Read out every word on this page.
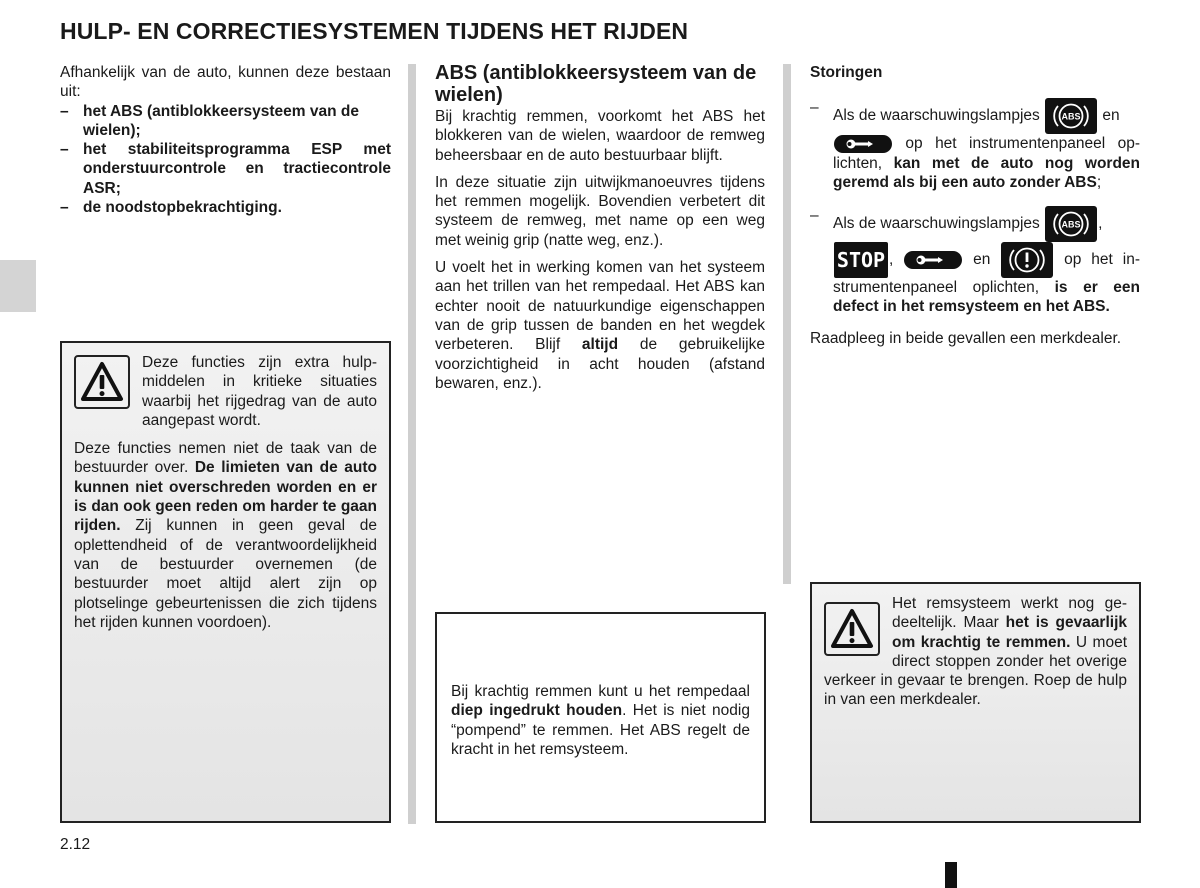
HULP- EN CORRECTIESYSTEMEN TIJDENS HET RIJDEN

Afhankelijk van de auto, kunnen deze bestaan uit:

– het ABS (antiblokkeersysteem van de wielen);
– het stabiliteitsprogramma ESP met onderstuurcontrole en tractiecontrole ASR;
– de noodstopbekrachtiging.

Deze functies zijn extra hulpmiddelen in kritieke situaties waarbij het rijgedrag van de auto aangepast wordt.

Deze functies nemen niet de taak van de bestuurder over. De limieten van de auto kunnen niet overschreden worden en er is dan ook geen reden om harder te gaan rijden. Zij kunnen in geen geval de oplettendheid of de verantwoordelijkheid van de bestuurder overnemen (de bestuurder moet altijd alert zijn op plotselinge gebeurtenissen die zich tijdens het rijden kunnen voordoen).

ABS (antiblokkeersysteem van de wielen)

Bij krachtig remmen, voorkomt het ABS het blokkeren van de wielen, waardoor de remweg beheersbaar en de auto bestuurbaar blijft.

In deze situatie zijn uitwijkmanoeuvres tijdens het remmen mogelijk. Bovendien verbetert dit systeem de remweg, met name op een weg met weinig grip (natte weg, enz.).

U voelt het in werking komen van het systeem aan het trillen van het rempedaal. Het ABS kan echter nooit de natuurkundige eigenschappen van de grip tussen de banden en het wegdek verbeteren. Blijf altijd de gebruikelijke voorzichtigheid in acht houden (afstand bewaren, enz.).

Bij krachtig remmen kunt u het rempedaal diep ingedrukt houden. Het is niet nodig “pompend” te remmen. Het ABS regelt de kracht in het remsysteem.

Storingen

– Als de waarschuwingslampjes ABS en

op het instrumentenpaneel oplichten, kan met de auto nog worden geremd als bij een auto zonder ABS;

– Als de waarschuwingslampjes ABS ,
STOP ,	en	op het instrumentenpaneel oplichten, is er een defect in het remsysteem en het ABS.

Raadpleeg in beide gevallen een merkdealer.

Het remsysteem werkt nog gedeeltelijk. Maar het is gevaarlijk om krachtig te remmen. U moet direct stoppen zonder het overige verkeer in gevaar te brengen. Roep de hulp in van een merkdealer.

2.12
